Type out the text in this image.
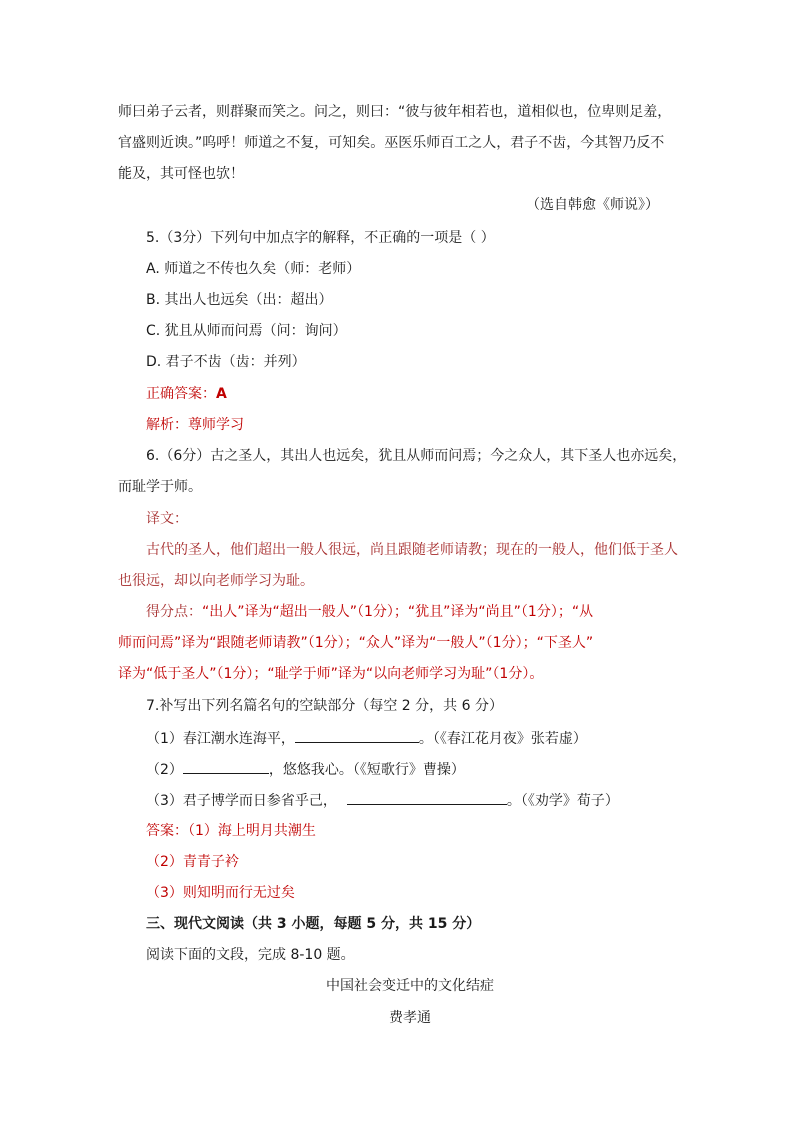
师曰弟子云者，则群聚而笑之。问之，则曰：“彼与彼年相若也，道相似也，位卑则足羞，
官盛则近谀。”呜呼！师道之不复，可知矣。巫医乐师百工之人，君子不齿，今其智乃反不
能及，其可怪也欤！
（选自韩愈《师说》）
5.（3分）下列句中加点字的解释，不正确的一项是（ ）
A. 师道之不传也久矣（师：老师）
B. 其出人也远矣（出：超出）
C. 犹且从师而问焉（问：询问）
D. 君子不齿（齿：并列）
正确答案：A
解析：尊师学习
6.（6分）古之圣人，其出人也远矣，犹且从师而问焉；今之众人，其下圣人也亦远矣，
而耻学于师。
译文：
古代的圣人，他们超出一般人很远，尚且跟随老师请教；现在的一般人，他们低于圣人
也很远，却以向老师学习为耻。
得分点：“出人”译为“超出一般人”（1分）；“犹且”译为“尚且”（1分）；“从
师而问焉”译为“跟随老师请教”（1分）；“众人”译为“一般人”（1分）；“下圣人”
译为“低于圣人”（1分）；“耻学于师”译为“以向老师学习为耻”（1分）。
7.补写出下列名篇名句的空缺部分（每空 2 分，共 6 分）
（1）春江潮水连海平，	。（《春江花月夜》张若虚）
（2）	，悠悠我心。（《短歌行》曹操）
（3）君子博学而日参省乎己，	。（《劝学》荀子）
答案：（1）海上明月共潮生
（2）青青子衿
（3）则知明而行无过矣
三、现代文阅读（共 3 小题，每题 5 分，共 15 分）
阅读下面的文段，完成 8-10 题。
中国社会变迁中的文化结症
费孝通
